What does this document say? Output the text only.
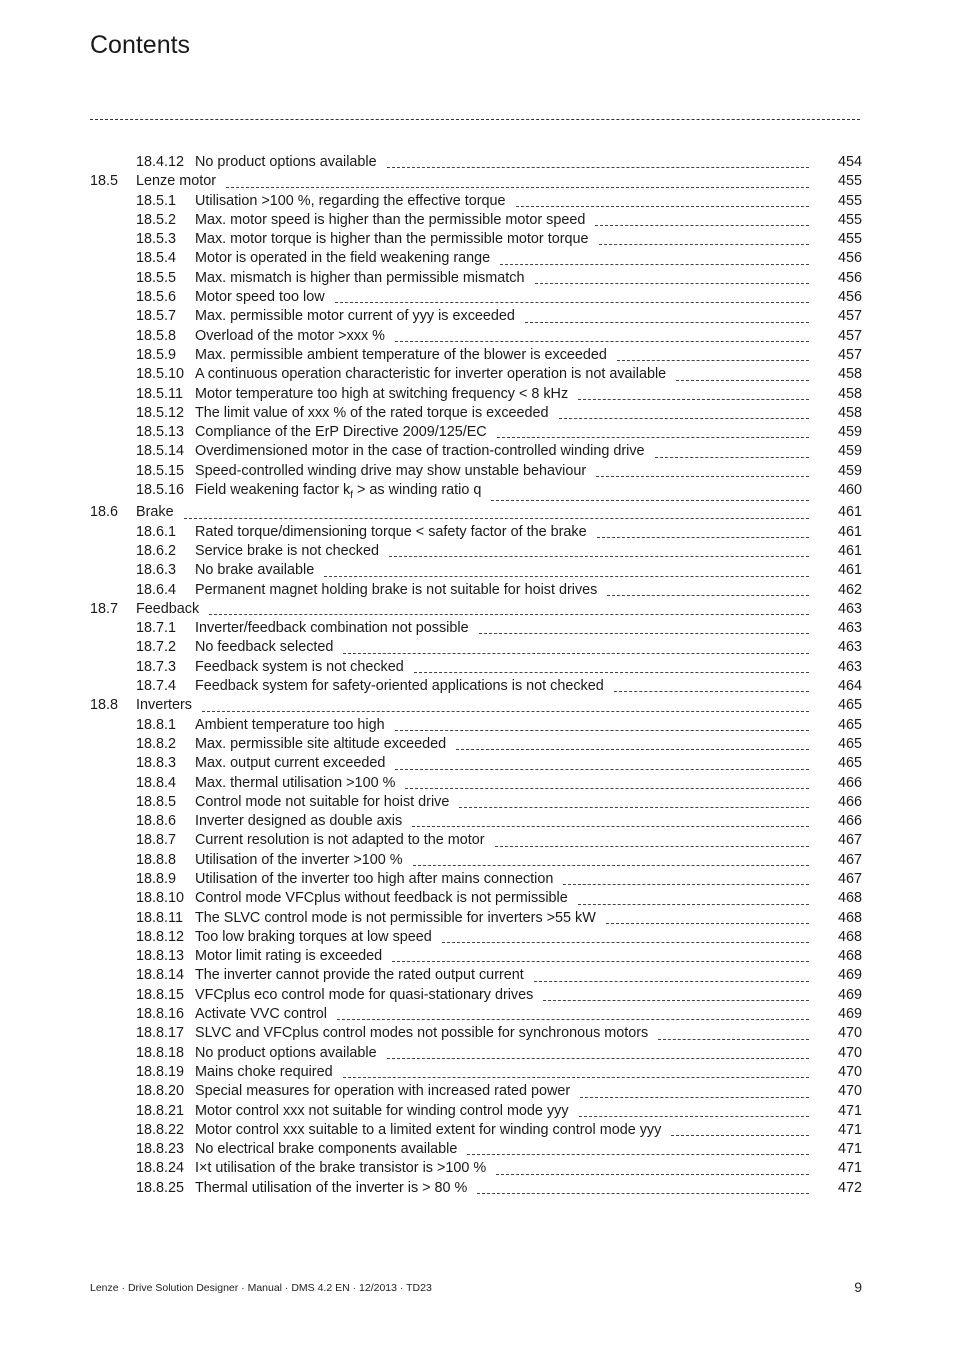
Contents
18.4.12 No product options available	454
18.5 Lenze motor	455
18.5.1 Utilisation >100 %, regarding the effective torque	455
18.5.2 Max. motor speed is higher than the permissible motor speed	455
18.5.3 Max. motor torque is higher than the permissible motor torque	455
18.5.4 Motor is operated in the field weakening range	456
18.5.5 Max. mismatch is higher than permissible mismatch	456
18.5.6 Motor speed too low	456
18.5.7 Max. permissible motor current of yyy is exceeded	457
18.5.8 Overload of the motor >xxx %	457
18.5.9 Max. permissible ambient temperature of the blower is exceeded	457
18.5.10 A continuous operation characteristic for inverter operation is not available	458
18.5.11 Motor temperature too high at switching frequency < 8 kHz	458
18.5.12 The limit value of xxx % of the rated torque is exceeded	458
18.5.13 Compliance of the ErP Directive 2009/125/EC	459
18.5.14 Overdimensioned motor in the case of traction-controlled winding drive	459
18.5.15 Speed-controlled winding drive may show unstable behaviour	459
18.5.16 Field weakening factor $k_f$ > as winding ratio q	460
18.6 Brake	461
18.6.1 Rated torque/dimensioning torque < safety factor of the brake	461
18.6.2 Service brake is not checked	461
18.6.3 No brake available	461
18.6.4 Permanent magnet holding brake is not suitable for hoist drives	462
18.7 Feedback	463
18.7.1 Inverter/feedback combination not possible	463
18.7.2 No feedback selected	463
18.7.3 Feedback system is not checked	463
18.7.4 Feedback system for safety-oriented applications is not checked	464
18.8 Inverters	465
18.8.1 Ambient temperature too high	465
18.8.2 Max. permissible site altitude exceeded	465
18.8.3 Max. output current exceeded	465
18.8.4 Max. thermal utilisation >100 %	466
18.8.5 Control mode not suitable for hoist drive	466
18.8.6 Inverter designed as double axis	466
18.8.7 Current resolution is not adapted to the motor	467
18.8.8 Utilisation of the inverter >100 %	467
18.8.9 Utilisation of the inverter too high after mains connection	467
18.8.10 Control mode VFCplus without feedback is not permissible	468
18.8.11 The SLVC control mode is not permissible for inverters >55 kW	468
18.8.12 Too low braking torques at low speed	468
18.8.13 Motor limit rating is exceeded	468
18.8.14 The inverter cannot provide the rated output current	469
18.8.15 VFCplus eco control mode for quasi-stationary drives	469
18.8.16 Activate VVC control	469
18.8.17 SLVC and VFCplus control modes not possible for synchronous motors	470
18.8.18 No product options available	470
18.8.19 Mains choke required	470
18.8.20 Special measures for operation with increased rated power	470
18.8.21 Motor control xxx not suitable for winding control mode yyy	471
18.8.22 Motor control xxx suitable to a limited extent for winding control mode yyy	471
18.8.23 No electrical brake components available	471
18.8.24 I×t utilisation of the brake transistor is >100 %	471
18.8.25 Thermal utilisation of the inverter is > 80 %	472
Lenze · Drive Solution Designer · Manual · DMS 4.2 EN · 12/2013 · TD23	9
